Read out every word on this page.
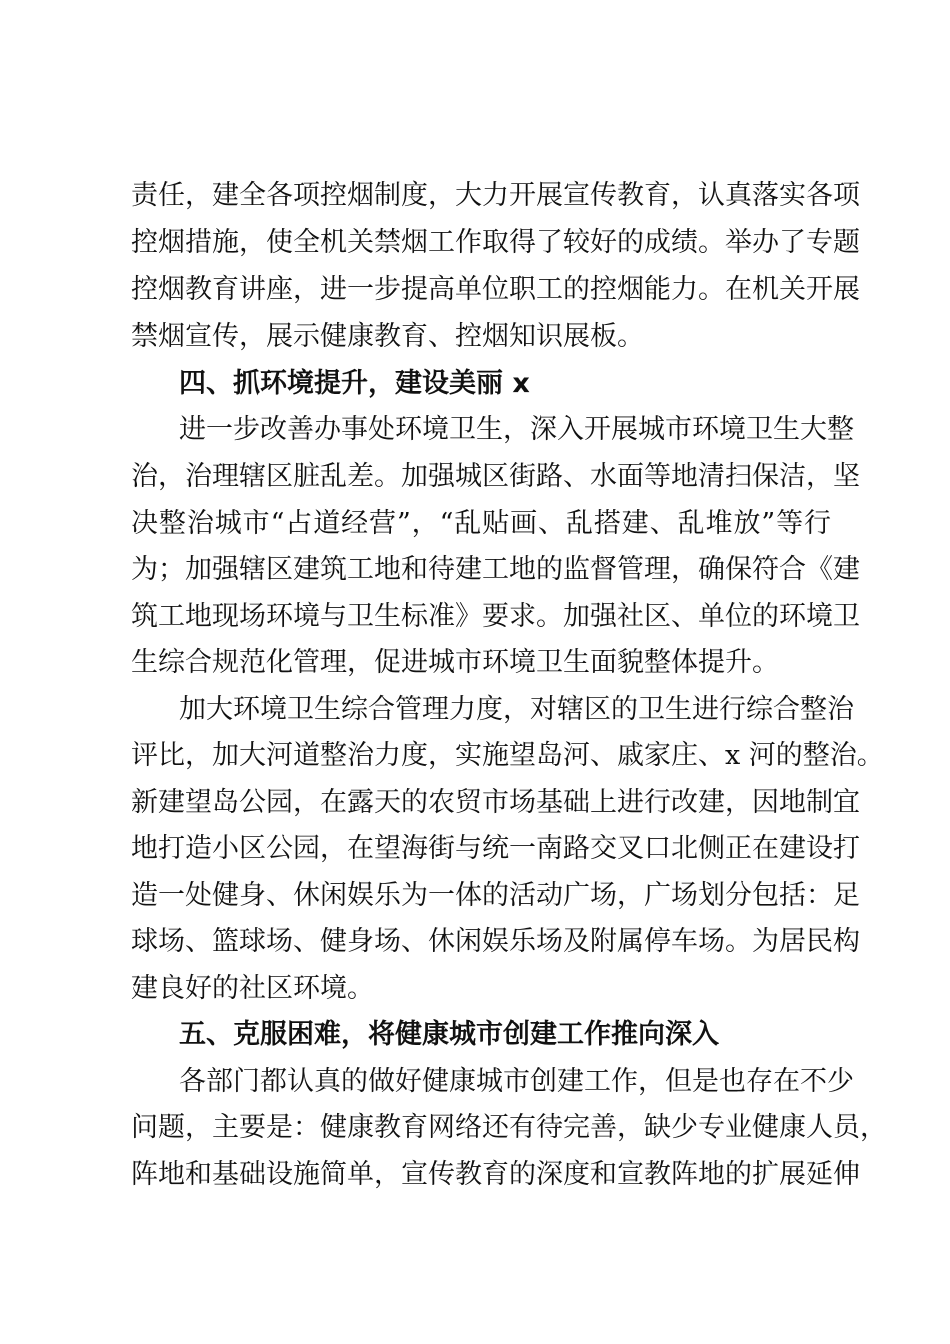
责任，建全各项控烟制度，大力开展宣传教育，认真落实各项

控烟措施，使全机关禁烟工作取得了较好的成绩。举办了专题

控烟教育讲座，进一步提高单位职工的控烟能力。在机关开展

禁烟宣传，展示健康教育、控烟知识展板。

四、抓环境提升，建设美丽 x

进一步改善办事处环境卫生，深入开展城市环境卫生大整

治，治理辖区脏乱差。加强城区街路、水面等地清扫保洁，坚

决整治城市“占道经营”，“乱贴画、乱搭建、乱堆放”等行

为；加强辖区建筑工地和待建工地的监督管理，确保符合《建

筑工地现场环境与卫生标准》要求。加强社区、单位的环境卫

生综合规范化管理，促进城市环境卫生面貌整体提升。

加大环境卫生综合管理力度，对辖区的卫生进行综合整治

评比，加大河道整治力度，实施望岛河、戚家庄、x 河的整治。

新建望岛公园，在露天的农贸市场基础上进行改建，因地制宜

地打造小区公园，在望海街与统一南路交叉口北侧正在建设打

造一处健身、休闲娱乐为一体的活动广场，广场划分包括：足

球场、篮球场、健身场、休闲娱乐场及附属停车场。为居民构

建良好的社区环境。

五、克服困难，将健康城市创建工作推向深入

各部门都认真的做好健康城市创建工作，但是也存在不少

问题，主要是：健康教育网络还有待完善，缺少专业健康人员，

阵地和基础设施简单，宣传教育的深度和宣教阵地的扩展延伸
